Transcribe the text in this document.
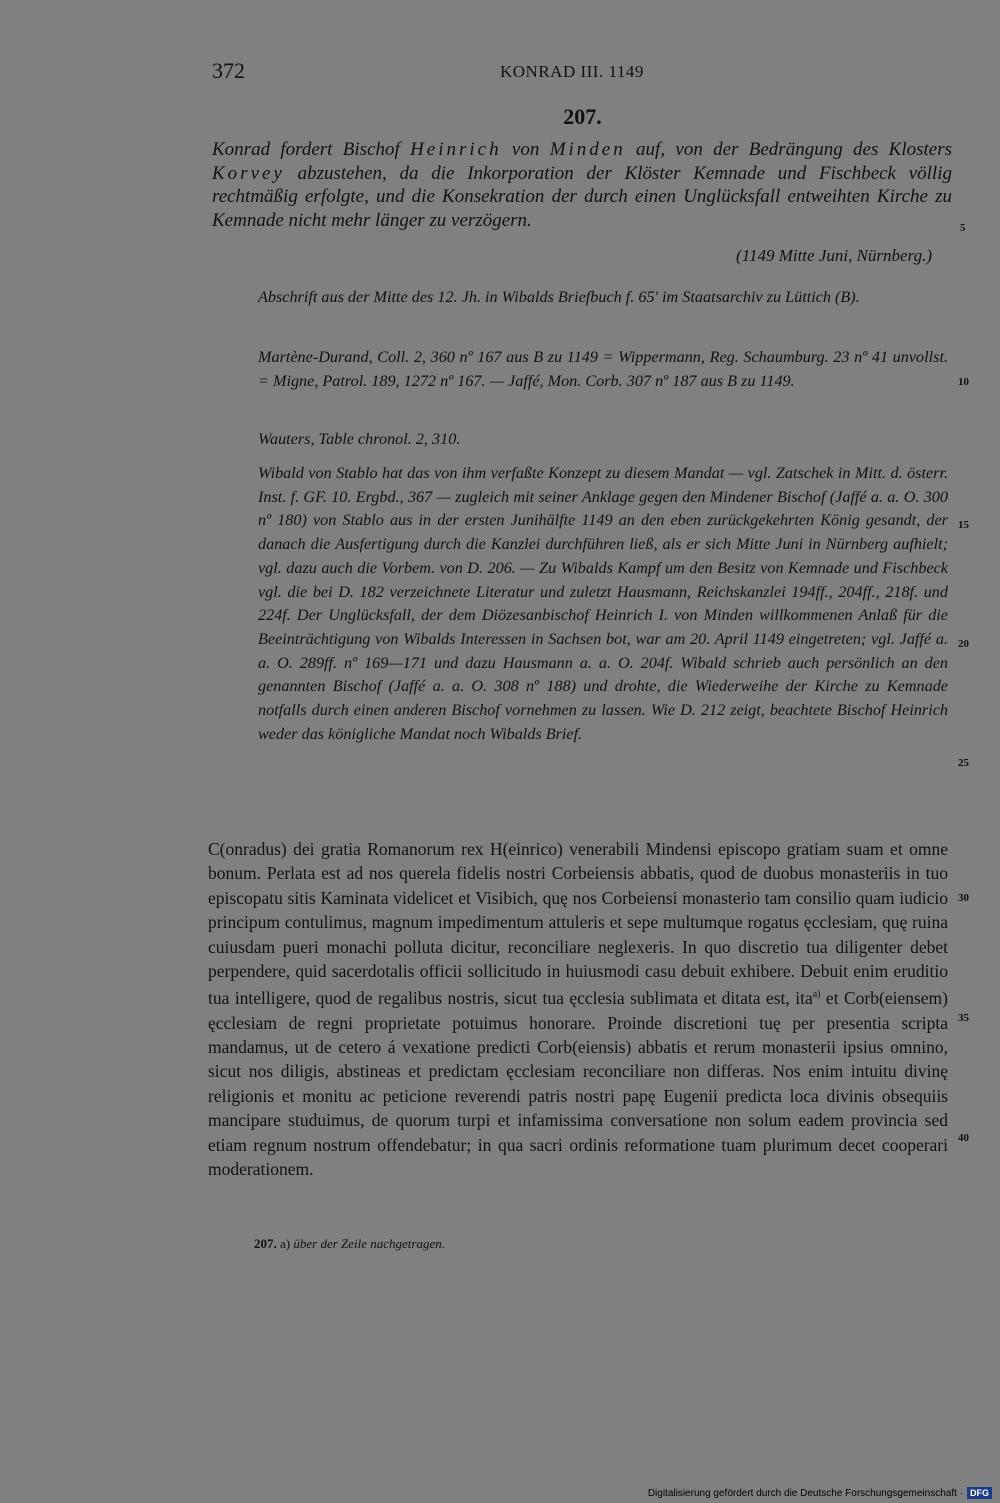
372	KONRAD III. 1149
207.
Konrad fordert Bischof Heinrich von Minden auf, von der Bedrängung des Klosters Korvey abzustehen, da die Inkorporation der Klöster Kemnade und Fischbeck völlig rechtmäßig erfolgte, und die Konsekration der durch einen Unglücksfall entweihten Kirche zu Kemnade nicht mehr länger zu verzögern.
(1149 Mitte Juni, Nürnberg.)

Abschrift aus der Mitte des 12. Jh. in Wibalds Briefbuch f. 65' im Staatsarchiv zu Lüttich (B).

Martène-Durand, Coll. 2, 360 nº 167 aus B zu 1149 = Wippermann, Reg. Schaumburg. 23 nº 41 unvollst. = Migne, Patrol. 189, 1272 nº 167. — Jaffé, Mon. Corb. 307 nº 187 aus B zu 1149.

Wauters, Table chronol. 2, 310.

Wibald von Stablo hat das von ihm verfaßte Konzept zu diesem Mandat — vgl. Zatschek in Mitt. d. österr. Inst. f. GF. 10. Ergbd., 367 — zugleich mit seiner Anklage gegen den Mindener Bischof (Jaffé a. a. O. 300 nº 180) von Stablo aus in der ersten Junihälfte 1149 an den eben zurückgekehrten König gesandt, der danach die Ausfertigung durch die Kanzlei durchführen ließ, als er sich Mitte Juni in Nürnberg aufhielt; vgl. dazu auch die Vorbem. von D. 206. — Zu Wibalds Kampf um den Besitz von Kemnade und Fischbeck vgl. die bei D. 182 verzeichnete Literatur und zuletzt Hausmann, Reichskanzlei 194ff., 204ff., 218f. und 224f. Der Unglücksfall, der dem Diözesanbischof Heinrich I. von Minden willkommenen Anlaß für die Beeinträchtigung von Wibalds Interessen in Sachsen bot, war am 20. April 1149 eingetreten; vgl. Jaffé a. a. O. 289ff. nº 169—171 und dazu Hausmann a. a. O. 204f. Wibald schrieb auch persönlich an den genannten Bischof (Jaffé a. a. O. 308 nº 188) und drohte, die Wiederweihe der Kirche zu Kemnade notfalls durch einen anderen Bischof vornehmen zu lassen. Wie D. 212 zeigt, beachtete Bischof Heinrich weder das königliche Mandat noch Wibalds Brief.

C(onradus) dei gratia Romanorum rex H(einrico) venerabili Mindensi episcopo gratiam suam et omne bonum. Perlata est ad nos querela fidelis nostri Corbeiensis abbatis, quod de duobus monasteriis in tuo episcopatu sitis Kaminata videlicet et Visibich, quę nos Corbeiensi monasterio tam consilio quam iudicio principum contulimus, magnum impedimentum attuleris et sepe multumque rogatus ęcclesiam, quę ruina cuiusdam pueri monachi polluta dicitur, reconciliare neglexeris. In quo discretio tua diligenter debet perpendere, quid sacerdotalis officii sollicitudo in huiusmodi casu debuit exhibere. Debuit enim eruditio tua intelligere, quod de regalibus nostris, sicut tua ęcclesia sublimata et ditata est, ita$^{a)}$ et Corb(eiensem) ęcclesiam de regni proprietate potuimus honorare. Proinde discretioni tuę per presentia scripta mandamus, ut de cetero á vexatione predicti Corb(eiensis) abbatis et rerum monasterii ipsius omnino, sicut nos diligis, abstineas et predictam ęcclesiam reconciliare non differas. Nos enim intuitu divinę religionis et monitu ac peticione reverendi patris nostri papę Eugenii predicta loca divinis obsequiis mancipare studuimus, de quorum turpi et infamissima conversatione non solum eadem provincia sed etiam regnum nostrum offendebatur; in qua sacri ordinis reformatione tuam plurimum decet cooperari moderationem.

207. a) über der Zeile nachgetragen.
5
10
15
20
25
30
35
40
Digitalisierung gefördert durch die Deutsche Forschungsgemeinschaft · DFG
